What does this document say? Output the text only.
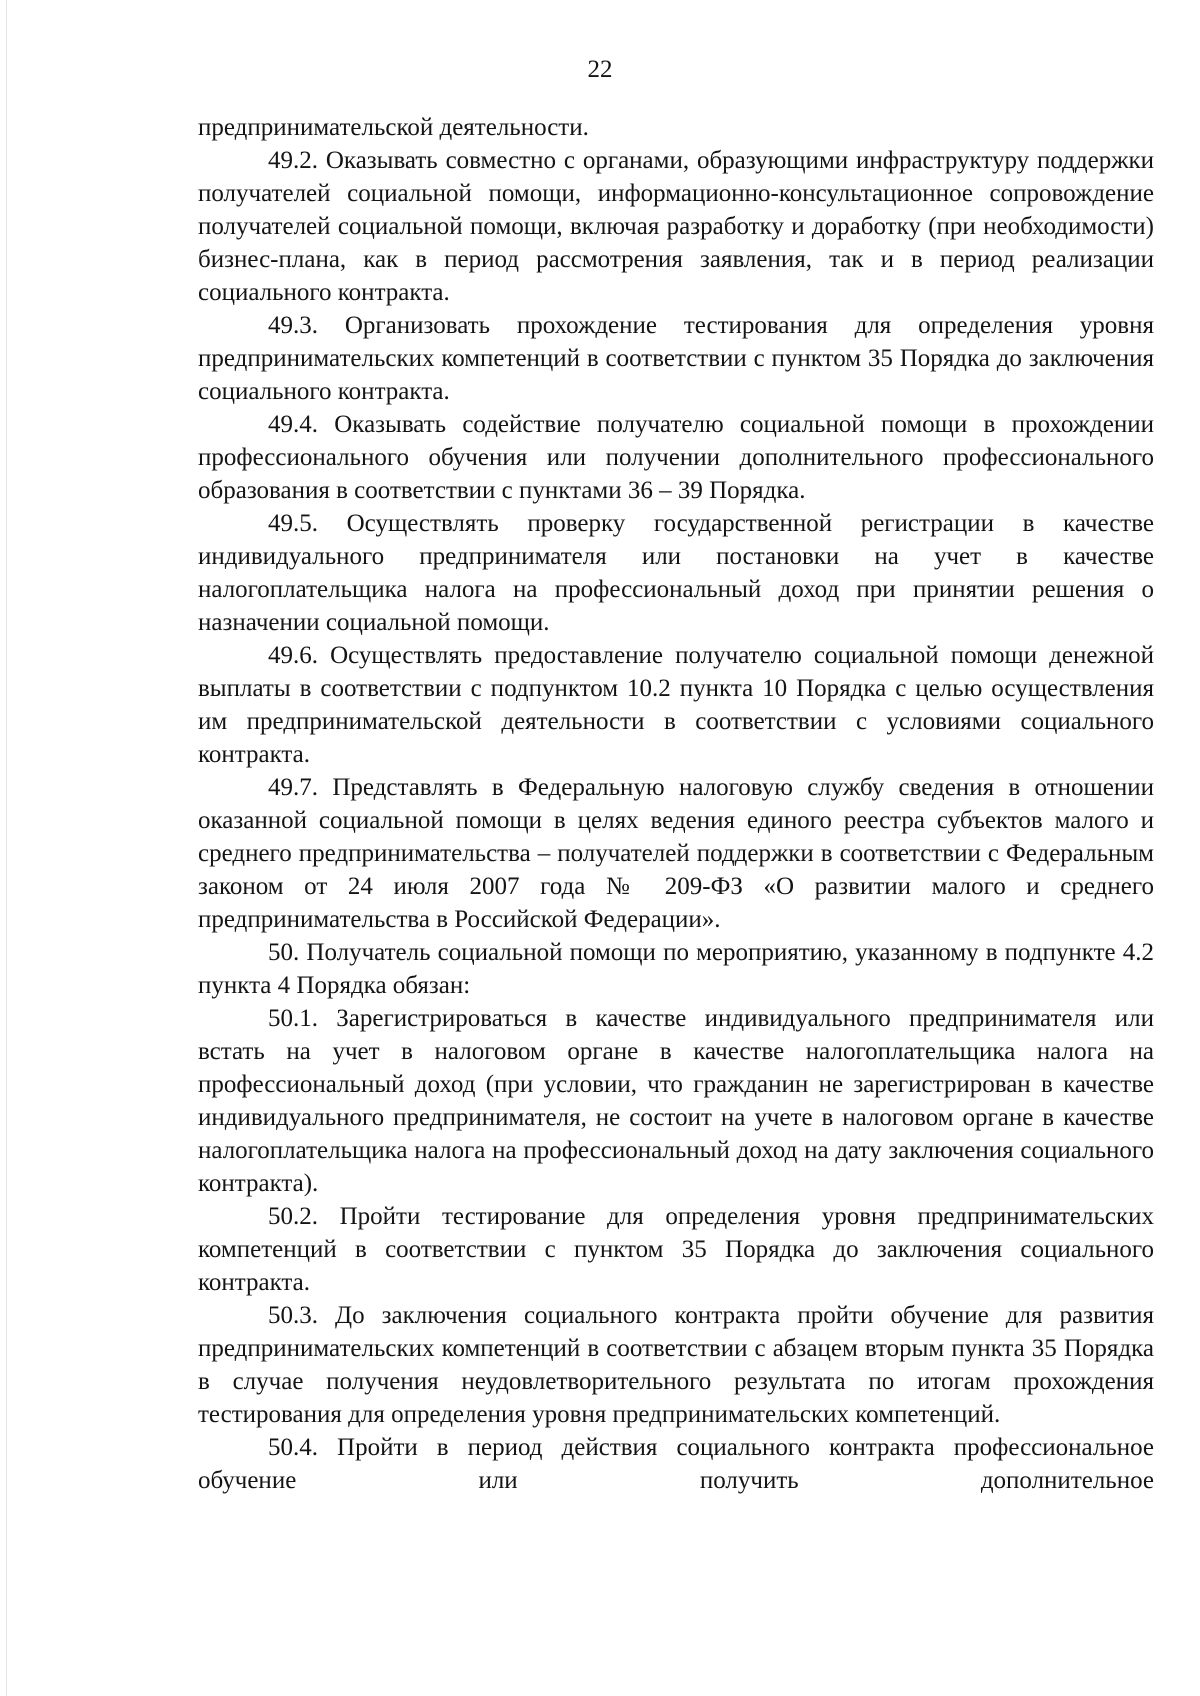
22

предпринимательской деятельности.

49.2. Оказывать совместно с органами, образующими инфраструктуру поддержки получателей социальной помощи, информационно-консультационное сопровождение получателей социальной помощи, включая разработку и доработку (при необходимости) бизнес-плана, как в период рассмотрения заявления, так и в период реализации социального контракта.

49.3. Организовать прохождение тестирования для определения уровня предпринимательских компетенций в соответствии с пунктом 35 Порядка до заключения социального контракта.

49.4. Оказывать содействие получателю социальной помощи в прохождении профессионального обучения или получении дополнительного профессионального образования в соответствии с пунктами 36 – 39 Порядка.

49.5. Осуществлять проверку государственной регистрации в качестве индивидуального предпринимателя или постановки на учет в качестве налогоплательщика налога на профессиональный доход при принятии решения о назначении социальной помощи.

49.6. Осуществлять предоставление получателю социальной помощи денежной выплаты в соответствии с подпунктом 10.2 пункта 10 Порядка с целью осуществления им предпринимательской деятельности в соответствии с условиями социального контракта.

49.7. Представлять в Федеральную налоговую службу сведения в отношении оказанной социальной помощи в целях ведения единого реестра субъектов малого и среднего предпринимательства – получателей поддержки в соответствии с Федеральным законом от 24 июля 2007 года № 209-ФЗ «О развитии малого и среднего предпринимательства в Российской Федерации».

50. Получатель социальной помощи по мероприятию, указанному в подпункте 4.2 пункта 4 Порядка обязан:

50.1. Зарегистрироваться в качестве индивидуального предпринимателя или встать на учет в налоговом органе в качестве налогоплательщика налога на профессиональный доход (при условии, что гражданин не зарегистрирован в качестве индивидуального предпринимателя, не состоит на учете в налоговом органе в качестве налогоплательщика налога на профессиональный доход на дату заключения социального контракта).

50.2. Пройти тестирование для определения уровня предпринимательских компетенций в соответствии с пунктом 35 Порядка до заключения социального контракта.

50.3. До заключения социального контракта пройти обучение для развития предпринимательских компетенций в соответствии с абзацем вторым пункта 35 Порядка в случае получения неудовлетворительного результата по итогам прохождения тестирования для определения уровня предпринимательских компетенций.

50.4. Пройти в период действия социального контракта профессиональное обучение или получить дополнительное
